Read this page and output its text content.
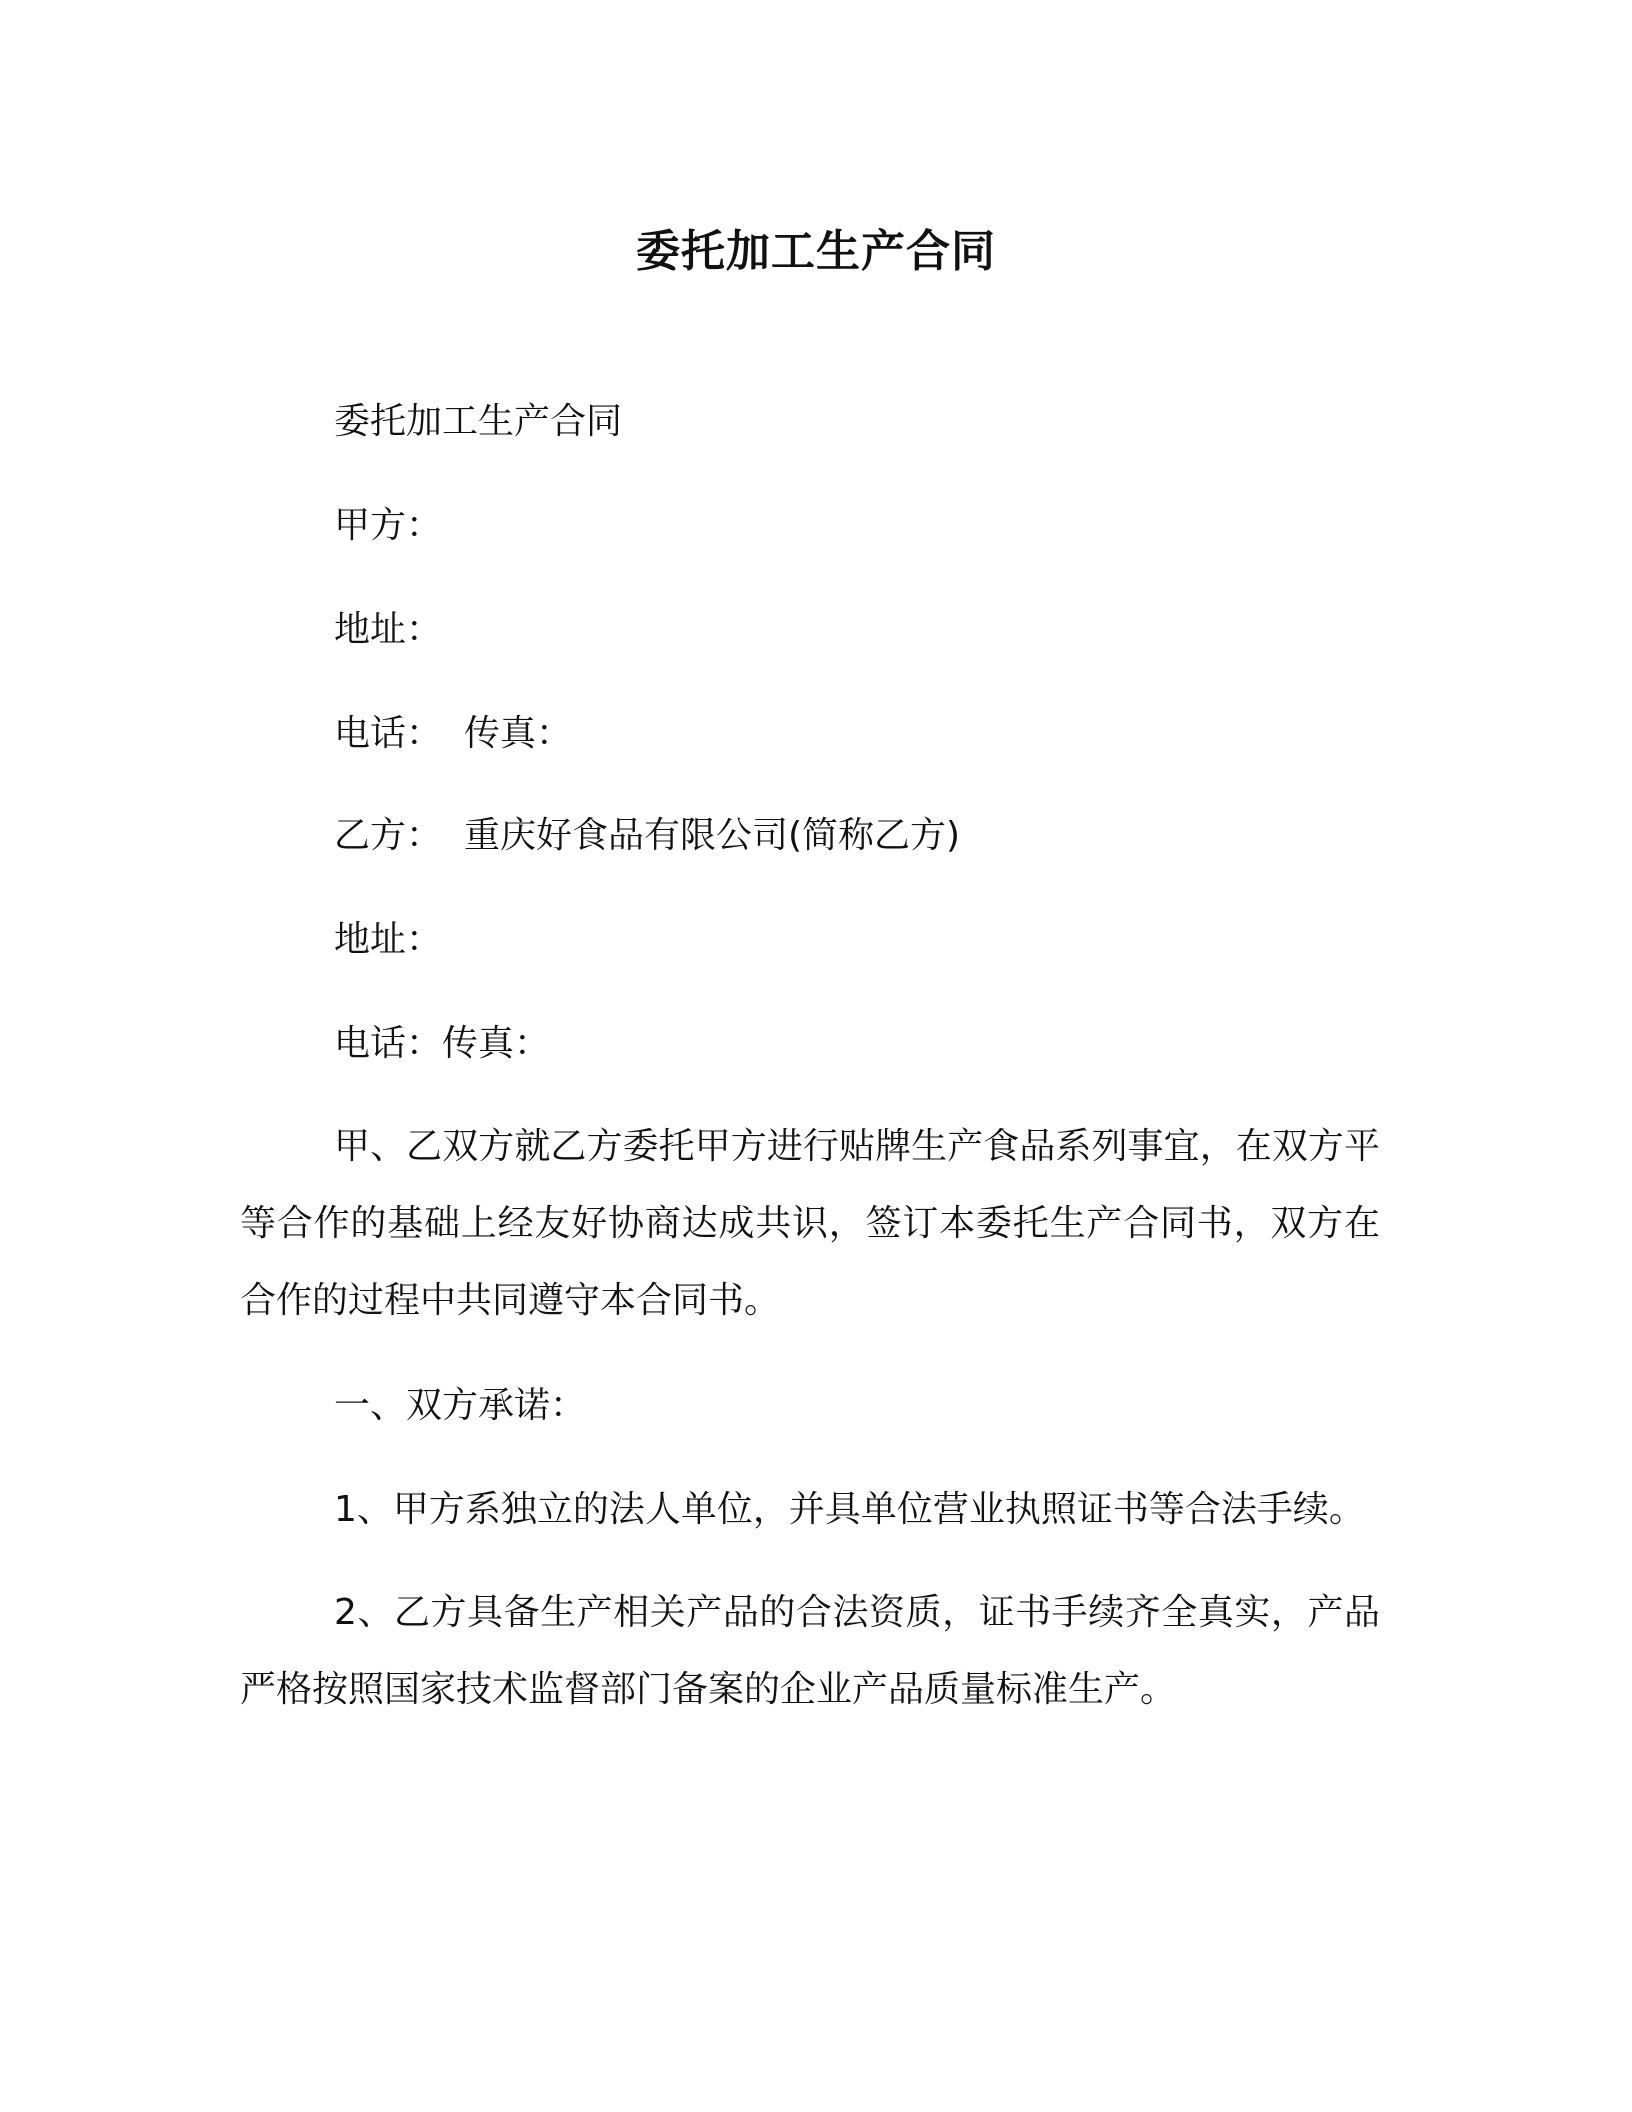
委托加工生产合同
委托加工生产合同
甲方：
地址：
电话： 传真：
乙方： 重庆好食品有限公司(简称乙方)
地址：
电话：传真：
甲、乙双方就乙方委托甲方进行贴牌生产食品系列事宜，在双方平等合作的基础上经友好协商达成共识，签订本委托生产合同书，双方在合作的过程中共同遵守本合同书。
一、双方承诺：
1、甲方系独立的法人单位，并具单位营业执照证书等合法手续。
2、乙方具备生产相关产品的合法资质，证书手续齐全真实，产品严格按照国家技术监督部门备案的企业产品质量标准生产。
